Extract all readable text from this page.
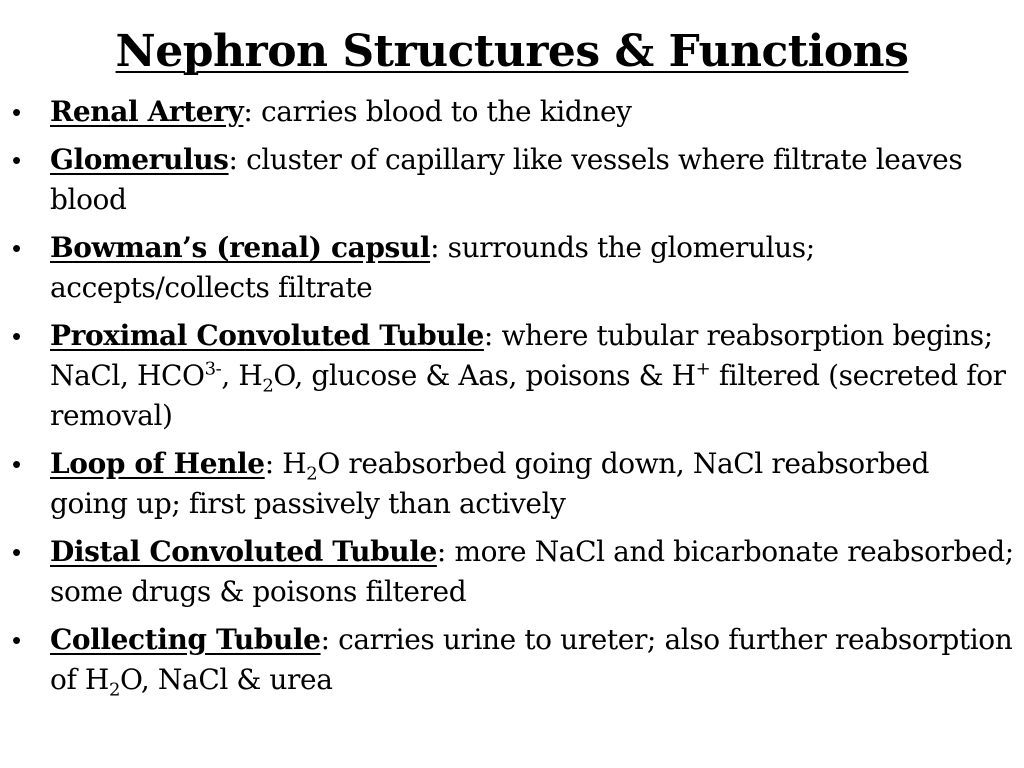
Nephron Structures & Functions
• Renal Artery: carries blood to the kidney
• Glomerulus: cluster of capillary like vessels where filtrate leaves blood
• Bowman’s (renal) capsul: surrounds the glomerulus; accepts/collects filtrate
• Proximal Convoluted Tubule: where tubular reabsorption begins; NaCl, $HCO^{3-}$, $H_2O$, glucose & Aas, poisons & H+ filtered (secreted for removal)
• Loop of Henle: $H_2O$ reabsorbed going down, NaCl reabsorbed going up; first passively than actively
• Distal Convoluted Tubule: more NaCl and bicarbonate reabsorbed; some drugs & poisons filtered
• Collecting Tubule: carries urine to ureter; also further reabsorption of $H_2O$, NaCl & urea
